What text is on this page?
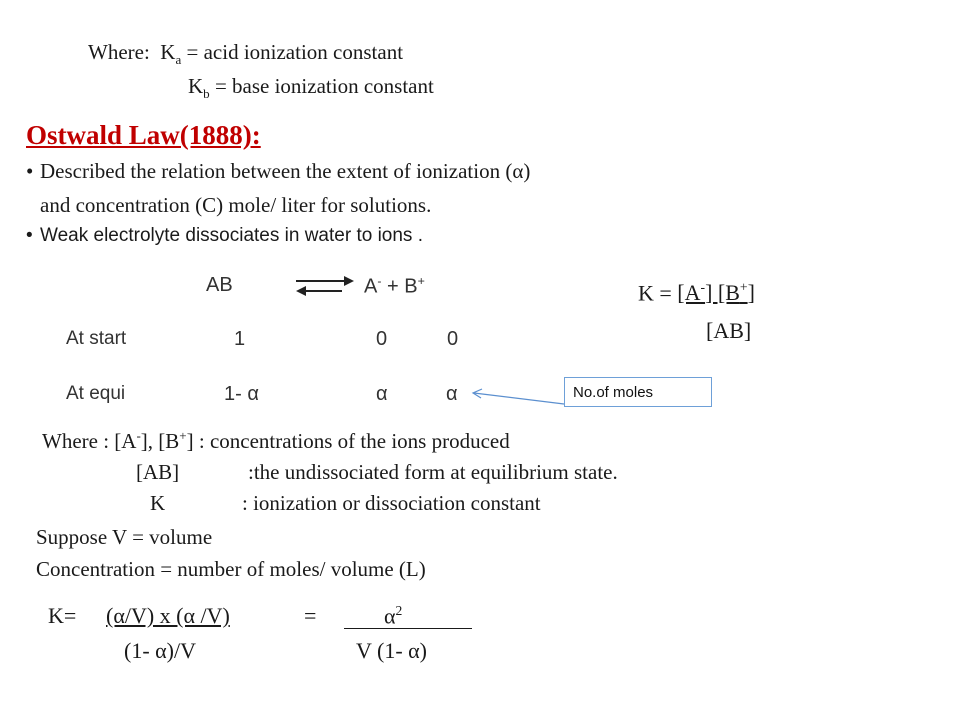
Where: $K_a$ = acid ionization constant
$K_b$ = base ionization constant
Ostwald Law(1888):
• Described the relation between the extent of ionization (α)
and concentration (C) mole/ liter for solutions.
• Weak electrolyte dissociates in water to ions .
AB	A- + B+
At start	1	0	0
At equi	1- α	α	α	No.of moles
K = [A-] [B+]
[AB]
Where : [A-], [B+] : concentrations of the ions produced
[AB]	:the undissociated form at equilibrium state.
K	: ionization or dissociation constant
Suppose V = volume
Concentration = number of moles/ volume (L)
K= (α/V) x (α /V)	=	$\alpha^2$
(1- α)/V	V (1- α)
